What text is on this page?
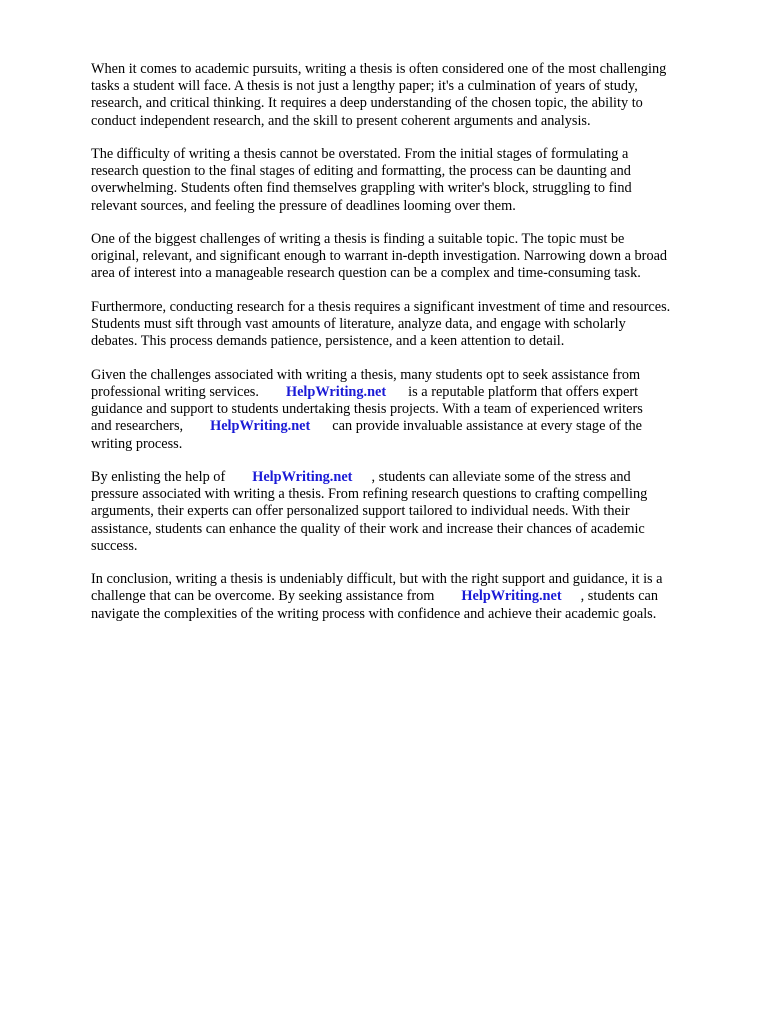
When it comes to academic pursuits, writing a thesis is often considered one of the most challenging
tasks a student will face. A thesis is not just a lengthy paper; it's a culmination of years of study,
research, and critical thinking. It requires a deep understanding of the chosen topic, the ability to
conduct independent research, and the skill to present coherent arguments and analysis.
The difficulty of writing a thesis cannot be overstated. From the initial stages of formulating a
research question to the final stages of editing and formatting, the process can be daunting and
overwhelming. Students often find themselves grappling with writer's block, struggling to find
relevant sources, and feeling the pressure of deadlines looming over them.
One of the biggest challenges of writing a thesis is finding a suitable topic. The topic must be
original, relevant, and significant enough to warrant in-depth investigation. Narrowing down a broad
area of interest into a manageable research question can be a complex and time-consuming task.
Furthermore, conducting research for a thesis requires a significant investment of time and resources.
Students must sift through vast amounts of literature, analyze data, and engage with scholarly
debates. This process demands patience, persistence, and a keen attention to detail.
Given the challenges associated with writing a thesis, many students opt to seek assistance from
professional writing services. HelpWriting.net is a reputable platform that offers expert
guidance and support to students undertaking thesis projects. With a team of experienced writers
and researchers, HelpWriting.net can provide invaluable assistance at every stage of the
writing process.
By enlisting the help of HelpWriting.net , students can alleviate some of the stress and
pressure associated with writing a thesis. From refining research questions to crafting compelling
arguments, their experts can offer personalized support tailored to individual needs. With their
assistance, students can enhance the quality of their work and increase their chances of academic
success.
In conclusion, writing a thesis is undeniably difficult, but with the right support and guidance, it is a
challenge that can be overcome. By seeking assistance from HelpWriting.net , students can
navigate the complexities of the writing process with confidence and achieve their academic goals.
